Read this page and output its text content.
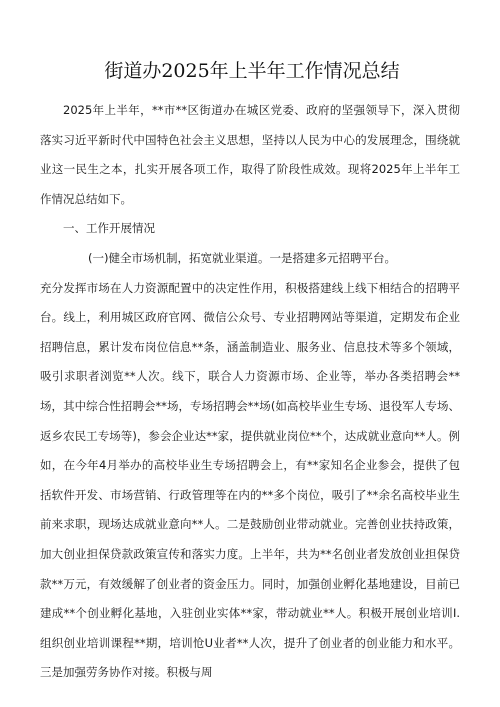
街道办2025年上半年工作情况总结

2025年上半年，**市**区街道办在城区党委、政府的坚强领导下，深入贯彻落实习近平新时代中国特色社会主义思想，坚持以人民为中心的发展理念，围绕就业这一民生之本，扎实开展各项工作，取得了阶段性成效。现将2025年上半年工作情况总结如下。

一、工作开展情况

(一)健全市场机制，拓宽就业渠道。一是搭建多元招聘平台。

充分发挥市场在人力资源配置中的决定性作用，积极搭建线上线下相结合的招聘平台。线上，利用城区政府官网、微信公众号、专业招聘网站等渠道，定期发布企业招聘信息，累计发布岗位信息**条，涵盖制造业、服务业、信息技术等多个领域，吸引求职者浏览**人次。线下，联合人力资源市场、企业等，举办各类招聘会**场，其中综合性招聘会**场，专场招聘会**场(如高校毕业生专场、退役军人专场、返乡农民工专场等)，参会企业达**家，提供就业岗位**个，达成就业意向**人。例如，在今年4月举办的高校毕业生专场招聘会上，有**家知名企业参会，提供了包括软件开发、市场营销、行政管理等在内的**多个岗位，吸引了**余名高校毕业生前来求职，现场达成就业意向**人。二是鼓励创业带动就业。完善创业扶持政策，加大创业担保贷款政策宣传和落实力度。上半年，共为**名创业者发放创业担保贷款**万元，有效缓解了创业者的资金压力。同时，加强创业孵化基地建设，目前已建成**个创业孵化基地，入驻创业实体**家，带动就业**人。积极开展创业培训I.组织创业培训课程**期，培训怆U业者**人次，提升了创业者的创业能力和水平。三是加强劳务协作对接。积极与周
